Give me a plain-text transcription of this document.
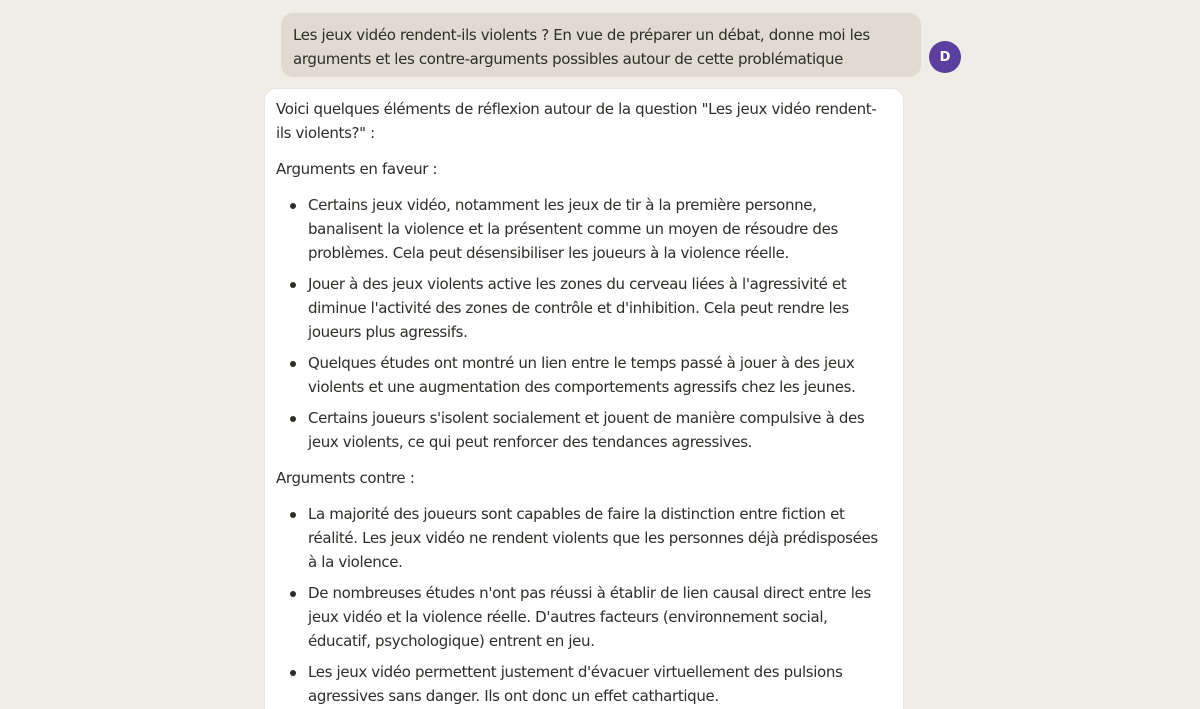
Les jeux vidéo rendent-ils violents ? En vue de préparer un débat, donne moi les arguments et les contre-arguments possibles autour de cette problématique	D

Voici quelques éléments de réflexion autour de la question "Les jeux vidéo rendent-ils violents?" :

Arguments en faveur :

Certains jeux vidéo, notamment les jeux de tir à la première personne, banalisent la violence et la présentent comme un moyen de résoudre des problèmes. Cela peut désensibiliser les joueurs à la violence réelle.
Jouer à des jeux violents active les zones du cerveau liées à l'agressivité et diminue l'activité des zones de contrôle et d'inhibition. Cela peut rendre les joueurs plus agressifs.
Quelques études ont montré un lien entre le temps passé à jouer à des jeux violents et une augmentation des comportements agressifs chez les jeunes.
Certains joueurs s'isolent socialement et jouent de manière compulsive à des jeux violents, ce qui peut renforcer des tendances agressives.

Arguments contre :

La majorité des joueurs sont capables de faire la distinction entre fiction et réalité. Les jeux vidéo ne rendent violents que les personnes déjà prédisposées à la violence.
De nombreuses études n'ont pas réussi à établir de lien causal direct entre les jeux vidéo et la violence réelle. D'autres facteurs (environnement social, éducatif, psychologique) entrent en jeu.
Les jeux vidéo permettent justement d'évacuer virtuellement des pulsions agressives sans danger. Ils ont donc un effet cathartique.
